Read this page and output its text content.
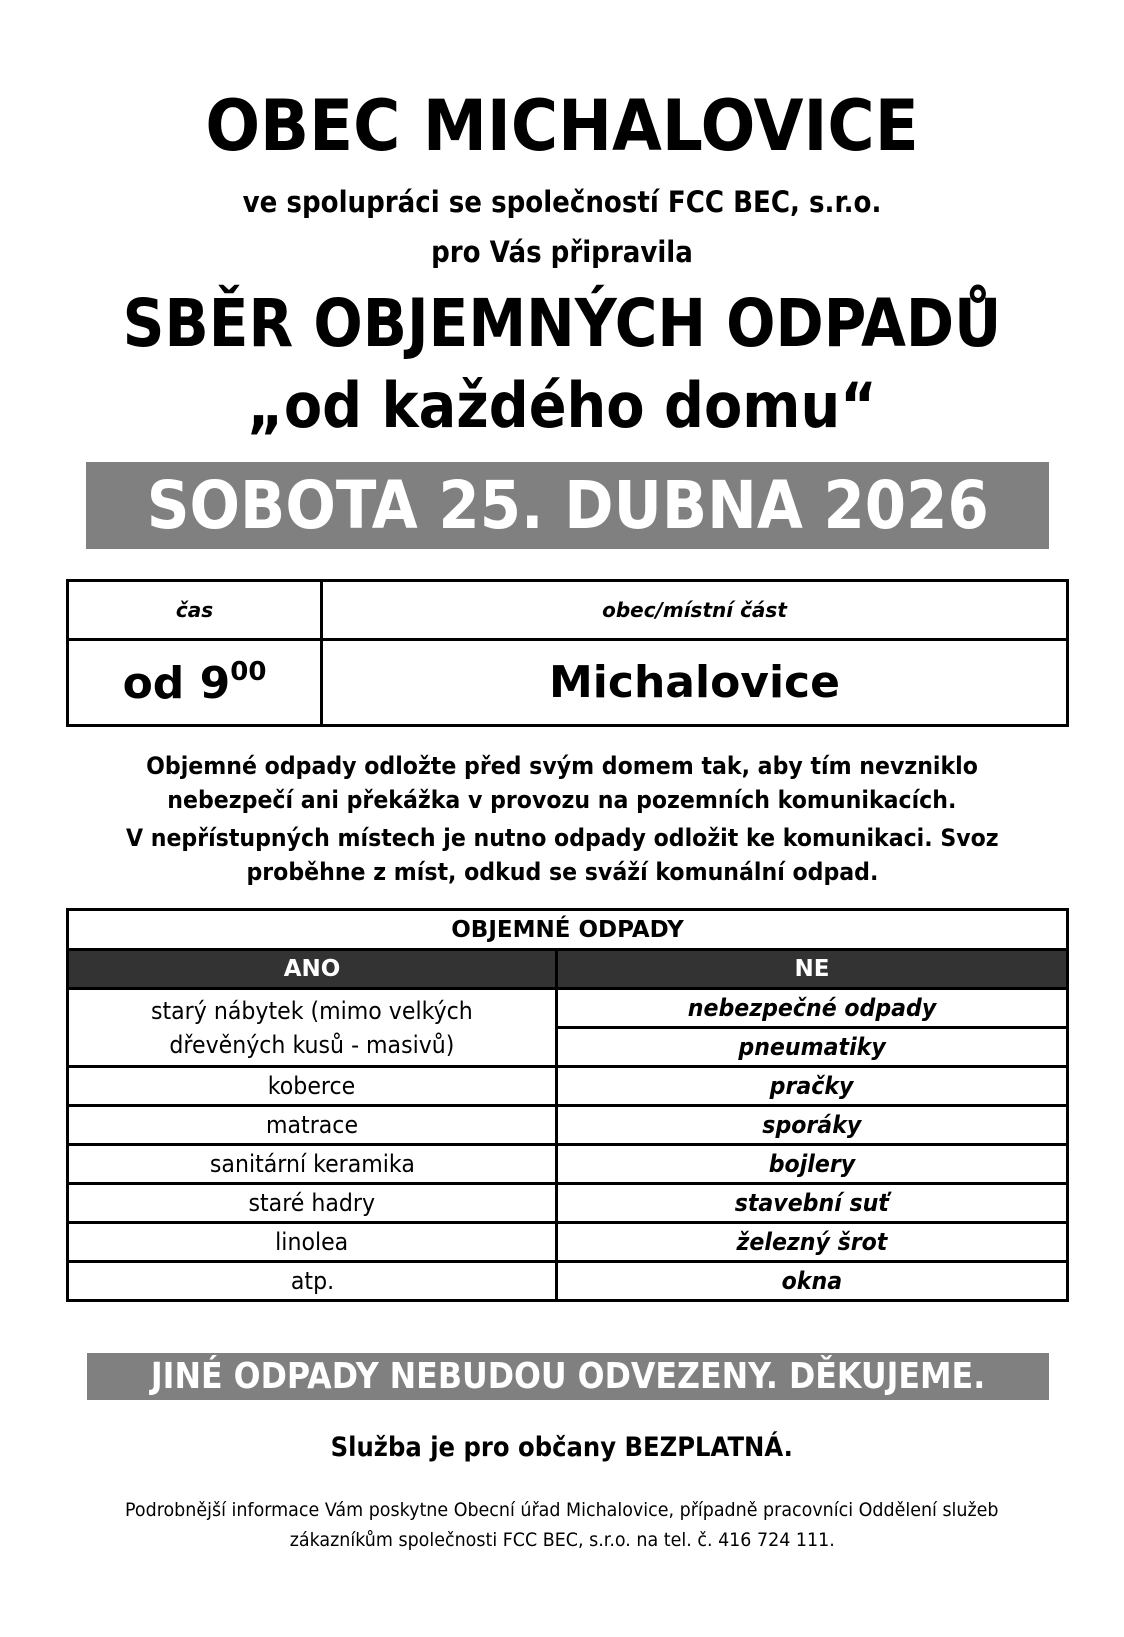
OBEC MICHALOVICE
ve spolupráci se společností FCC BEC, s.r.o.
pro Vás připravila
SBĚR OBJEMNÝCH ODPADŮ
„od každého domu“
SOBOTA 25. DUBNA 2026
čas	obec/místní část
od $9^{00}$	Michalovice
Objemné odpady odložte před svým domem tak, aby tím nevzniklo
nebezpečí ani překážka v provozu na pozemních komunikacích.
V nepřístupných místech je nutno odpady odložit ke komunikaci. Svoz
proběhne z míst, odkud se sváží komunální odpad.
OBJEMNÉ ODPADY	
ANO	NE
starý nábytek (mimo velkých
dřevěných kusů - masivů)	nebezpečné odpady
	pneumatiky
koberce	pračky
matrace	sporáky
sanitární keramika	bojlery
staré hadry	stavební suť
linolea	železný šrot
atp.	okna
JINÉ ODPADY NEBUDOU ODVEZENY. DĚKUJEME.
Služba je pro občany BEZPLATNÁ.
Podrobnější informace Vám poskytne Obecní úřad Michalovice, případně pracovníci Oddělení služeb
zákazníkům společnosti FCC BEC, s.r.o. na tel. č. 416 724 111.
